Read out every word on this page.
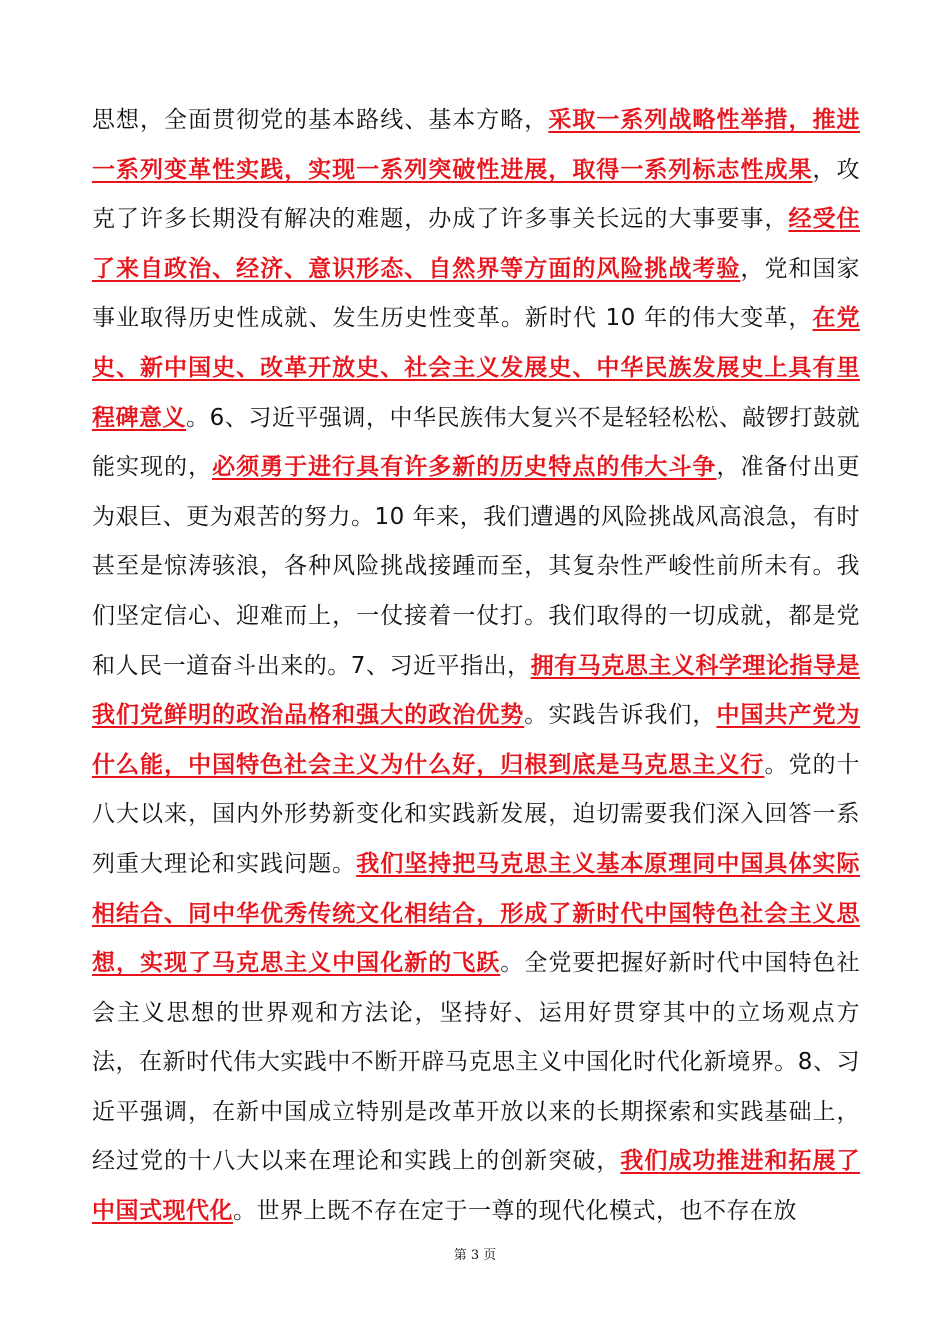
思想，全面贯彻党的基本路线、基本方略，采取一系列战略性举措，推进一系列变革性实践，实现一系列突破性进展，取得一系列标志性成果，攻克了许多长期没有解决的难题，办成了许多事关长远的大事要事，经受住了来自政治、经济、意识形态、自然界等方面的风险挑战考验，党和国家事业取得历史性成就、发生历史性变革。新时代 10 年的伟大变革，在党史、新中国史、改革开放史、社会主义发展史、中华民族发展史上具有里程碑意义。6、习近平强调，中华民族伟大复兴不是轻轻松松、敲锣打鼓就能实现的，必须勇于进行具有许多新的历史特点的伟大斗争，准备付出更为艰巨、更为艰苦的努力。10 年来，我们遭遇的风险挑战风高浪急，有时甚至是惊涛骇浪，各种风险挑战接踵而至，其复杂性严峻性前所未有。我们坚定信心、迎难而上，一仗接着一仗打。我们取得的一切成就，都是党和人民一道奋斗出来的。7、习近平指出，拥有马克思主义科学理论指导是我们党鲜明的政治品格和强大的政治优势。实践告诉我们，中国共产党为什么能，中国特色社会主义为什么好，归根到底是马克思主义行。党的十八大以来，国内外形势新变化和实践新发展，迫切需要我们深入回答一系列重大理论和实践问题。我们坚持把马克思主义基本原理同中国具体实际相结合、同中华优秀传统文化相结合，形成了新时代中国特色社会主义思想，实现了马克思主义中国化新的飞跃。全党要把握好新时代中国特色社会主义思想的世界观和方法论，坚持好、运用好贯穿其中的立场观点方法，在新时代伟大实践中不断开辟马克思主义中国化时代化新境界。8、习近平强调，在新中国成立特别是改革开放以来的长期探索和实践基础上，经过党的十八大以来在理论和实践上的创新突破，我们成功推进和拓展了中国式现代化。世界上既不存在定于一尊的现代化模式，也不存在放
第 3 页
